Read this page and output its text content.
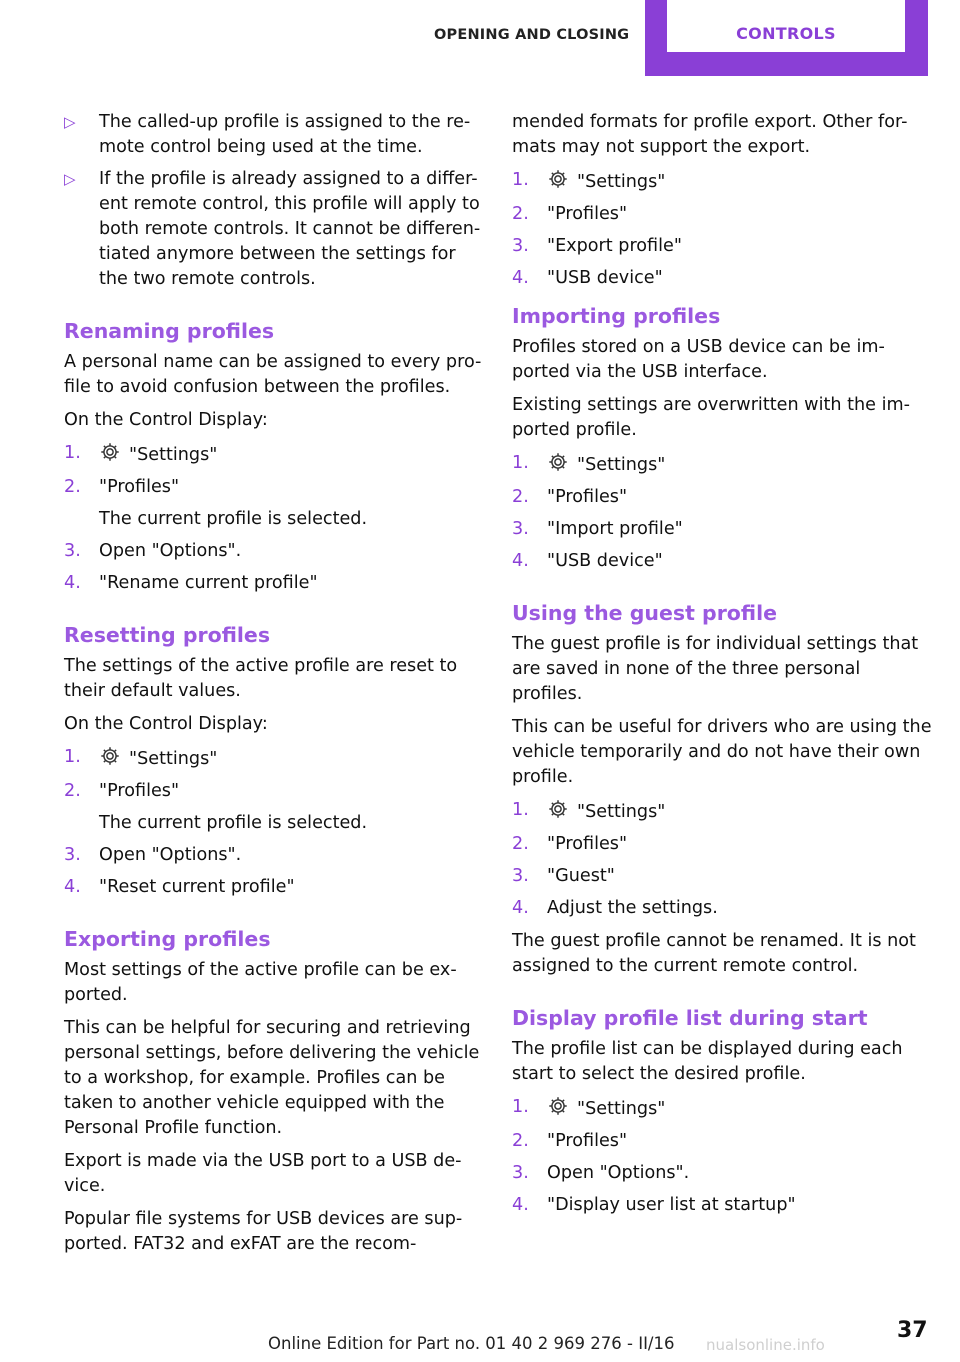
OPENING AND CLOSING	CONTROLS
▷ The called-up profile is assigned to the re-mote control being used at the time.
▷ If the profile is already assigned to a differ-ent remote control, this profile will apply to both remote controls. It cannot be differen-tiated anymore between the settings for the two remote controls.
Renaming profiles

A personal name can be assigned to every pro-file to avoid confusion between the profiles.

On the Control Display:

1.	"Settings"
2. "Profiles"
The current profile is selected.
3. Open "Options".
4. "Rename current profile"
Resetting profiles

The settings of the active profile are reset to their default values.

On the Control Display:

1.	"Settings"
2. "Profiles"
The current profile is selected.
3. Open "Options".
4. "Reset current profile"
Exporting profiles

Most settings of the active profile can be ex-ported.

This can be helpful for securing and retrieving personal settings, before delivering the vehicle to a workshop, for example. Profiles can be taken to another vehicle equipped with the Personal Profile function.

Export is made via the USB port to a USB de-vice.

Popular file systems for USB devices are sup-ported. FAT32 and exFAT are the recom-

mended formats for profile export. Other for-mats may not support the export.

1.	"Settings"
2. "Profiles"
3. "Export profile"
4. "USB device"
Importing profiles

Profiles stored on a USB device can be im-ported via the USB interface.

Existing settings are overwritten with the im-ported profile.

1.	"Settings"
2. "Profiles"
3. "Import profile"
4. "USB device"
Using the guest profile

The guest profile is for individual settings that are saved in none of the three personal profiles.

This can be useful for drivers who are using the vehicle temporarily and do not have their own profile.

1.	"Settings"
2. "Profiles"
3. "Guest"
4. Adjust the settings.

The guest profile cannot be renamed. It is not assigned to the current remote control.

Display profile list during start

The profile list can be displayed during each start to select the desired profile.

1.	"Settings"
2. "Profiles"
3. Open "Options".
4. "Display user list at startup"
Online Edition for Part no. 01 40 2 969 276 - II/16 nualsonline.info
37
